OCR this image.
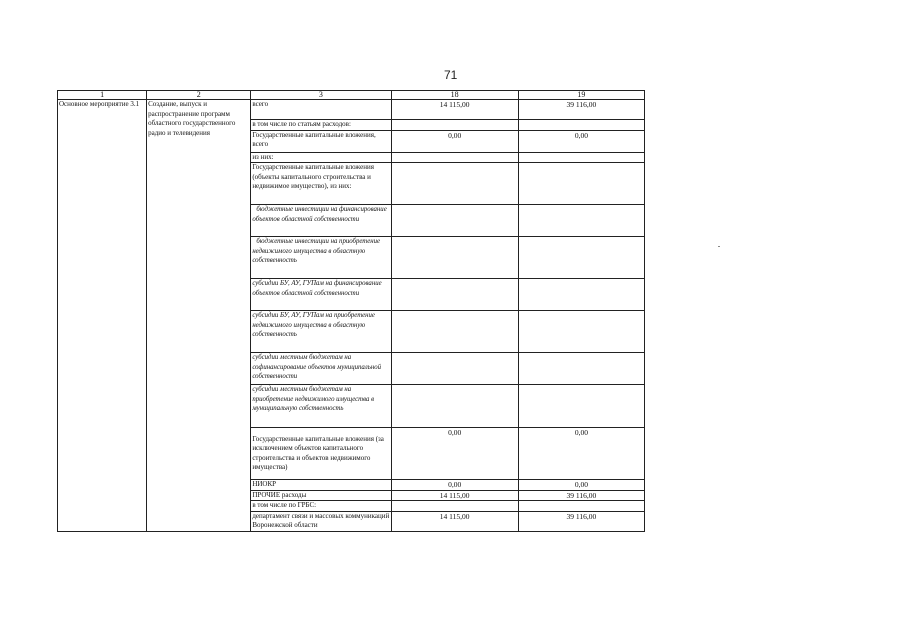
71
1	2	3	18	19
Основное мероприятие 3.1	Создание, выпуск и распространение программ областного государственного радио и телевидения	всего	14 115,00	39 116,00
		в том числе по статьям расходов:		
		Государственные капитальные вложения, всего	0,00	0,00
		из них:		
		Государственные капитальные вложения (объекты капитального строительства и недвижимое имущество), из них:		
		бюджетные инвестиции на финансирование объектов областной собственности		
		бюджетные инвестиции на приобретение недвижимого имущества в областную собственность		
		субсидии БУ, АУ, ГУПам на финансирование объектов областной собственности		
		субсидии БУ, АУ, ГУПам на приобретение недвижимого имущества в областную собственность		
		субсидии местным бюджетам на софинансирование объектов муниципальной собственности		
		субсидии местным бюджетам на приобретение недвижимого имущества в муниципальную собственность		
		Государственные капитальные вложения (за исключением объектов капитального строительства и объектов недвижимого имущества)	0,00	0,00
		НИОКР	0,00	0,00
		ПРОЧИЕ расходы	14 115,00	39 116,00
		в том числе по ГРБС:		
		департамент связи и массовых коммуникаций Воронежской области	14 115,00	39 116,00
